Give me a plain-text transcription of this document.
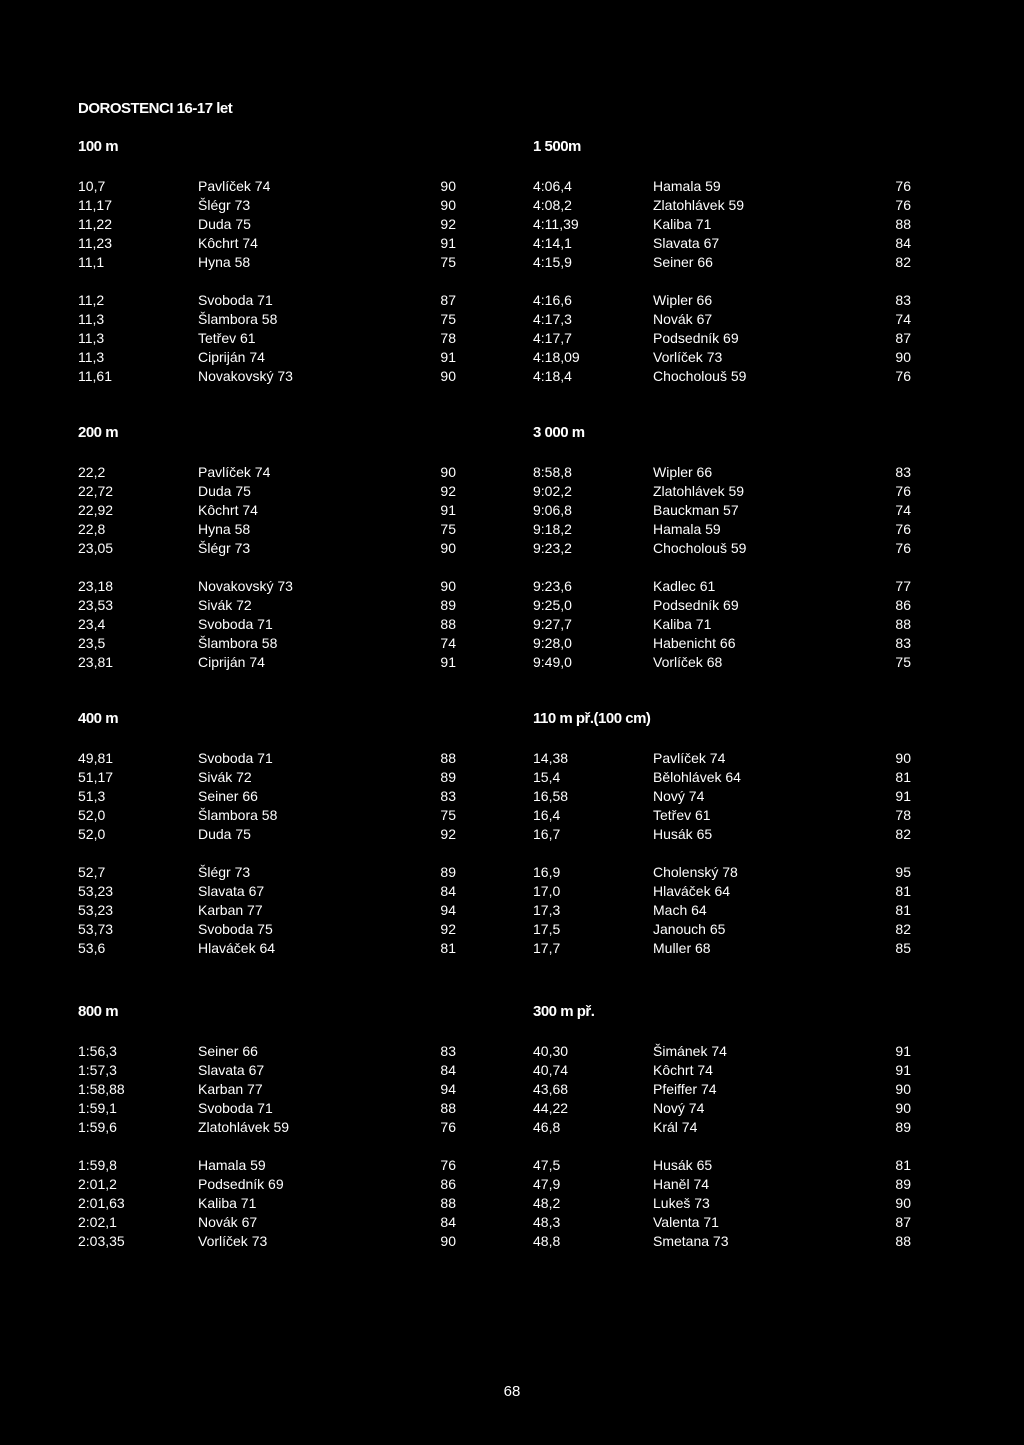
DOROSTENCI 16-17 let
100 m
10,7	Pavlíček 74	90
11,17	Šlégr 73	90
11,22	Duda 75	92
11,23	Kôchrt 74	91
11,1	Hyna 58	75
11,2	Svoboda 71	87
11,3	Šlambora 58	75
11,3	Tetřev 61	78
11,3	Cipriján 74	91
11,61	Novakovský 73	90
1 500m
4:06,4	Hamala 59	76
4:08,2	Zlatohlávek 59	76
4:11,39	Kaliba 71	88
4:14,1	Slavata 67	84
4:15,9	Seiner 66	82
4:16,6	Wipler 66	83
4:17,3	Novák 67	74
4:17,7	Podsedník 69	87
4:18,09	Vorlíček 73	90
4:18,4	Chocholouš 59	76
200 m
22,2	Pavlíček 74	90
22,72	Duda 75	92
22,92	Kôchrt 74	91
22,8	Hyna 58	75
23,05	Šlégr 73	90
23,18	Novakovský 73	90
23,53	Sivák 72	89
23,4	Svoboda 71	88
23,5	Šlambora 58	74
23,81	Cipriján 74	91
3 000 m
8:58,8	Wipler 66	83
9:02,2	Zlatohlávek 59	76
9:06,8	Bauckman 57	74
9:18,2	Hamala 59	76
9:23,2	Chocholouš 59	76
9:23,6	Kadlec 61	77
9:25,0	Podsedník 69	86
9:27,7	Kaliba 71	88
9:28,0	Habenicht 66	83
9:49,0	Vorlíček 68	75
400 m
49,81	Svoboda 71	88
51,17	Sivák 72	89
51,3	Seiner 66	83
52,0	Šlambora 58	75
52,0	Duda 75	92
52,7	Šlégr 73	89
53,23	Slavata 67	84
53,23	Karban 77	94
53,73	Svoboda 75	92
53,6	Hlaváček 64	81
110 m př.(100 cm)
14,38	Pavlíček 74	90
15,4	Bělohlávek 64	81
16,58	Nový 74	91
16,4	Tetřev 61	78
16,7	Husák 65	82
16,9	Cholenský 78	95
17,0	Hlaváček 64	81
17,3	Mach 64	81
17,5	Janouch 65	82
17,7	Muller 68	85
800 m
1:56,3	Seiner 66	83
1:57,3	Slavata 67	84
1:58,88	Karban 77	94
1:59,1	Svoboda 71	88
1:59,6	Zlatohlávek 59	76
1:59,8	Hamala 59	76
2:01,2	Podsedník 69	86
2:01,63	Kaliba 71	88
2:02,1	Novák 67	84
2:03,35	Vorlíček 73	90
300 m př.
40,30	Šimánek 74	91
40,74	Kôchrt 74	91
43,68	Pfeiffer 74	90
44,22	Nový 74	90
46,8	Král 74	89
47,5	Husák 65	81
47,9	Haněl 74	89
48,2	Lukeš 73	90
48,3	Valenta 71	87
48,8	Smetana 73	88
68
